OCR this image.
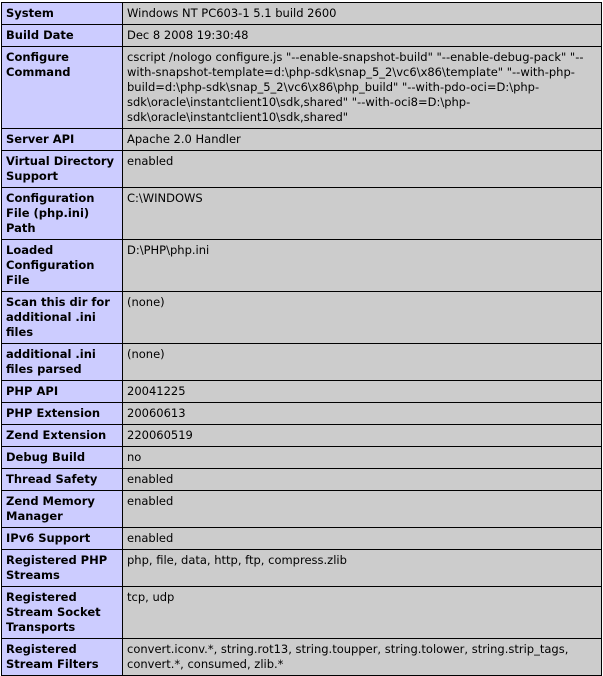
System	Windows NT PC603-1 5.1 build 2600
Build Date	Dec 8 2008 19:30:48
Configure Command	cscript /nologo configure.js "--enable-snapshot-build" "--enable-debug-pack" "--with-snapshot-template=d:\php-sdk\snap_5_2\vc6\x86\template" "--with-php-build=d:\php-sdk\snap_5_2\vc6\x86\php_build" "--with-pdo-oci=D:\php-sdk\oracle\instantclient10\sdk,shared" "--with-oci8=D:\php-sdk\oracle\instantclient10\sdk,shared"
Server API	Apache 2.0 Handler
Virtual Directory Support	enabled
Configuration File (php.ini) Path	C:\WINDOWS
Loaded Configuration File	D:\PHP\php.ini
Scan this dir for additional .ini files	(none)
additional .ini files parsed	(none)
PHP API	20041225
PHP Extension	20060613
Zend Extension	220060519
Debug Build	no
Thread Safety	enabled
Zend Memory Manager	enabled
IPv6 Support	enabled
Registered PHP Streams	php, file, data, http, ftp, compress.zlib
Registered Stream Socket Transports	tcp, udp
Registered Stream Filters	convert.iconv.*, string.rot13, string.toupper, string.tolower, string.strip_tags, convert.*, consumed, zlib.*
